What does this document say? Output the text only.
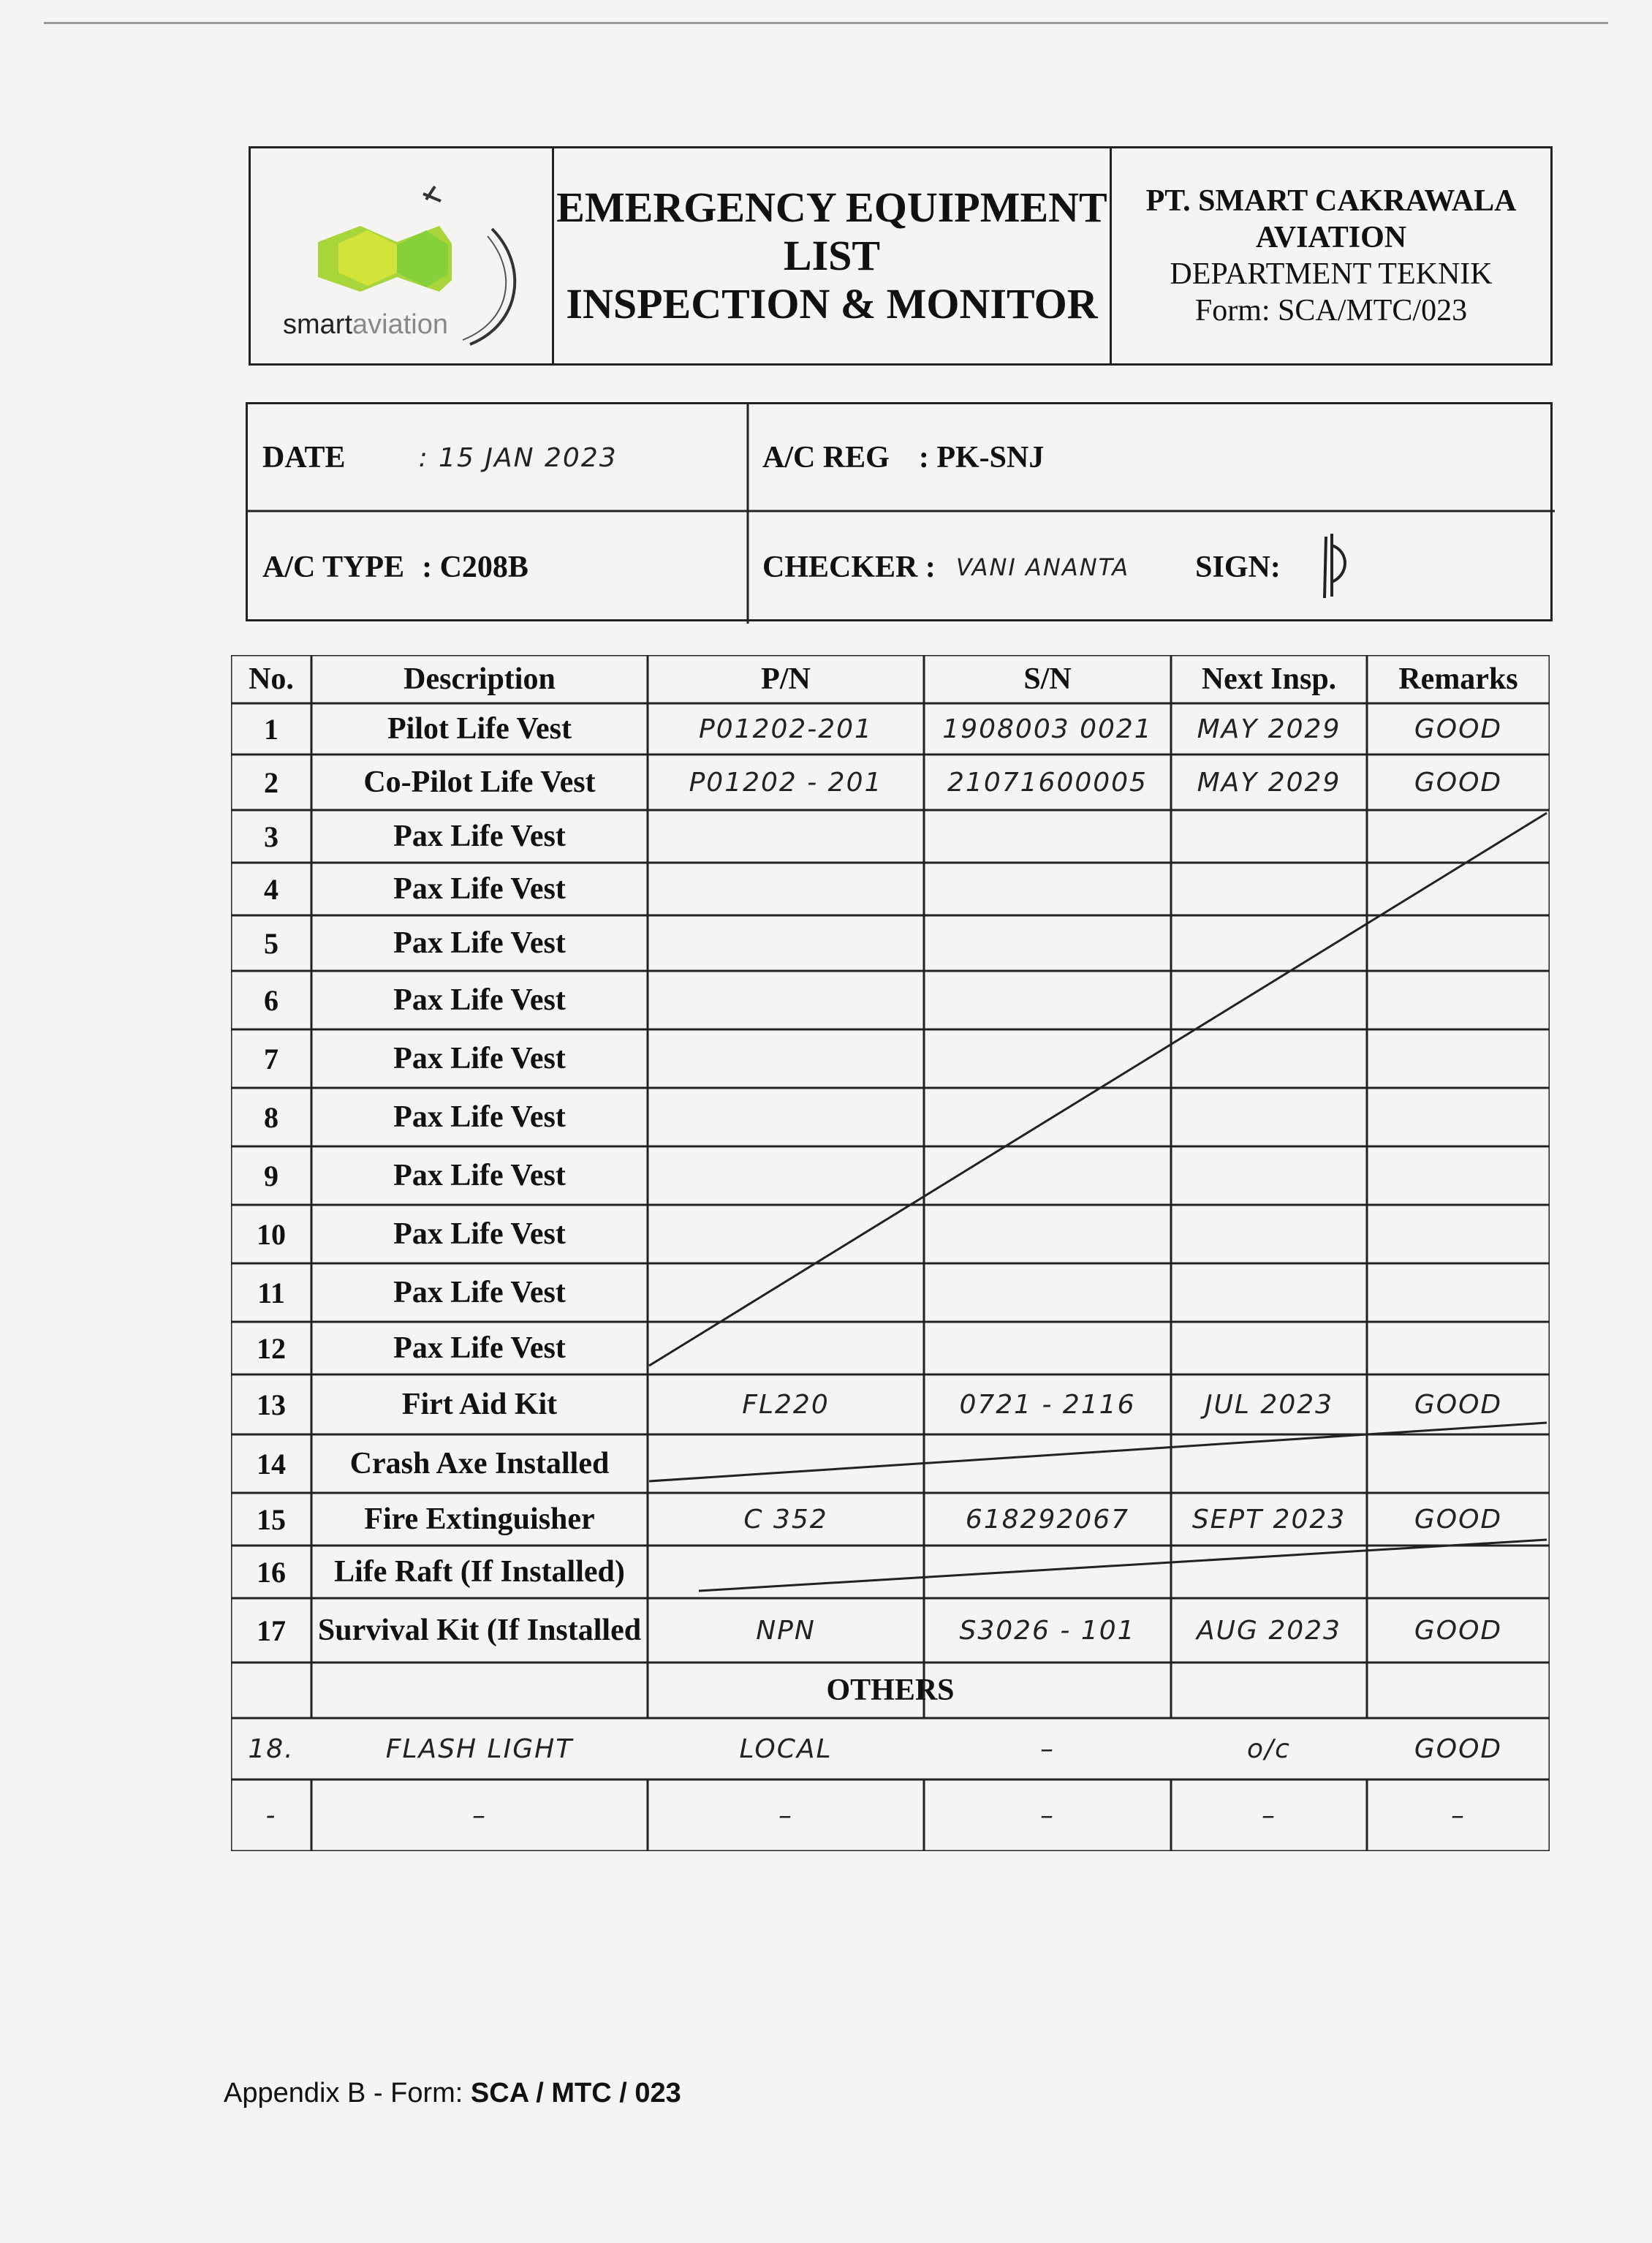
smartaviation
EMERGENCY EQUIPMENT
LIST
INSPECTION & MONITOR
PT. SMART CAKRAWALA
AVIATION
DEPARTMENT TEKNIK
Form: SCA/MTC/023
DATE	: 15 JAN 2023	A/C REG : PK-SNJ
A/C TYPE : C208B	CHECKER : VANI ANANTA SIGN:
No.	Description	P/N	S/N	Next Insp.	Remarks
1	Pilot Life Vest	P01202-201	1908003 0021	MAY 2029	GOOD
2	Co-Pilot Life Vest	P01202 - 201	21071600005	MAY 2029	GOOD
3	Pax Life Vest
4	Pax Life Vest
5	Pax Life Vest
6	Pax Life Vest
7	Pax Life Vest
8	Pax Life Vest
9	Pax Life Vest
10	Pax Life Vest
11	Pax Life Vest
12	Pax Life Vest
13	Firt Aid Kit	FL220	0721 - 2116	JUL 2023	GOOD
14	Crash Axe Installed
15	Fire Extinguisher	C 352	618292067	SEPT 2023	GOOD
16	Life Raft (If Installed)
17	Survival Kit (If Installed	NPN	S3026 - 101	AUG 2023	GOOD
OTHERS
18.	FLASH LIGHT	LOCAL	–	o/c	GOOD
-	–	–	–	–	–
Appendix B - Form: SCA / MTC / 023
